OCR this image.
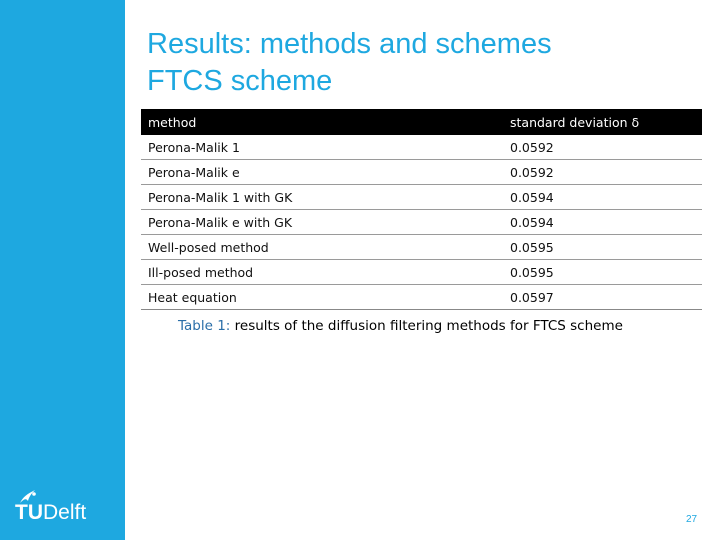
TUDelft
Results: methods and schemes
FTCS scheme
method	standard deviation δ
Perona-Malik 1	0.0592
Perona-Malik e	0.0592
Perona-Malik 1 with GK	0.0594
Perona-Malik e with GK	0.0594
Well-posed method	0.0595
Ill-posed method	0.0595
Heat equation	0.0597
Table 1: results of the diffusion filtering methods for FTCS scheme
27
